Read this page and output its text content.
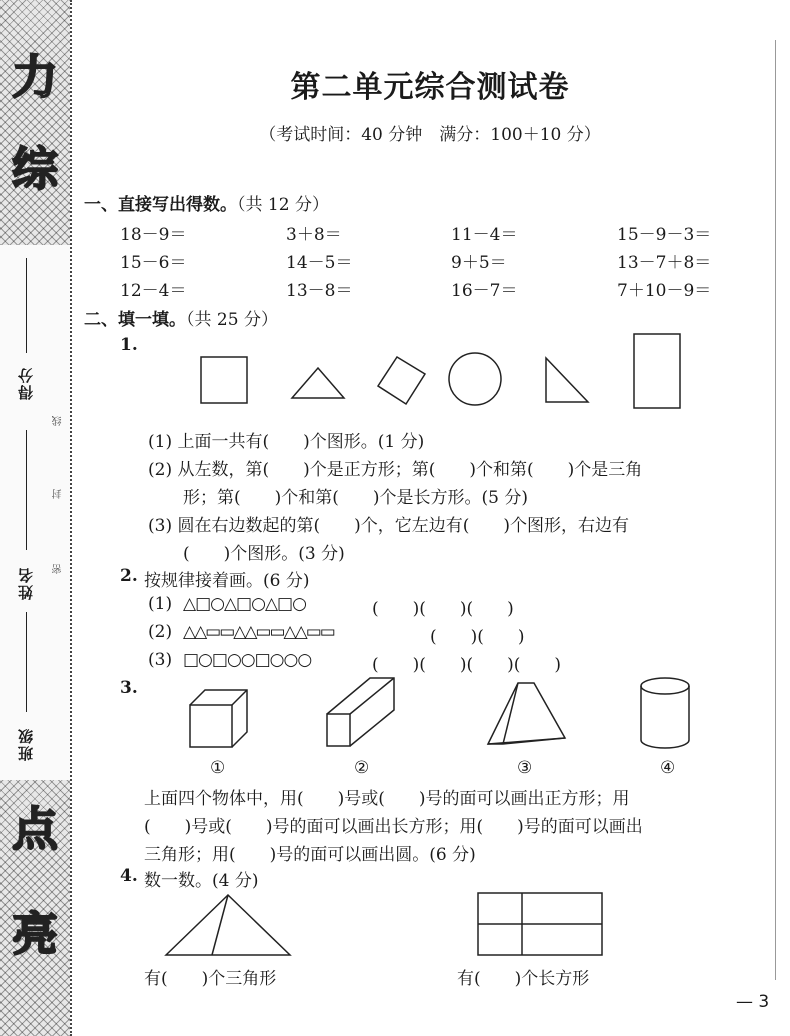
力
综
点
亮
得分
姓名
班级
线
封
密
第二单元综合测试卷
（考试时间：40 分钟　满分：100＋10 分）
一、直接写出得数。（共 12 分）
18－9＝	3＋8＝	11－4＝	15－9－3＝
15－6＝	14－5＝	9＋5＝	13－7＋8＝
12－4＝	13－8＝	16－7＝	7＋10－9＝
二、填一填。（共 25 分）
1.
(1) 上面一共有(　　)个图形。(1 分)
(2) 从左数，第(　　)个是正方形；第(　　)个和第(　　)个是三角
形；第(　　)个和第(　　)个是长方形。(5 分)
(3) 圆在右边数起的第(　　)个，它左边有(　　)个图形，右边有
(　　)个图形。(3 分)
2. 按规律接着画。(6 分)
(1) △□○△□○△□○	(　　)(　　)(　　)
(2) △△▭▭△△▭▭△△▭▭	(　　)(　　)
(3) □○□○○□○○○	(　　)(　　)(　　)(　　)
3.
①	②	③	④
上面四个物体中，用(　　)号或(　　)号的面可以画出正方形；用
(　　)号或(　　)号的面可以画出长方形；用(　　)号的面可以画出
三角形；用(　　)号的面可以画出圆。(6 分)
4. 数一数。(4 分)
有(　　)个三角形	有(　　)个长方形
— 3
